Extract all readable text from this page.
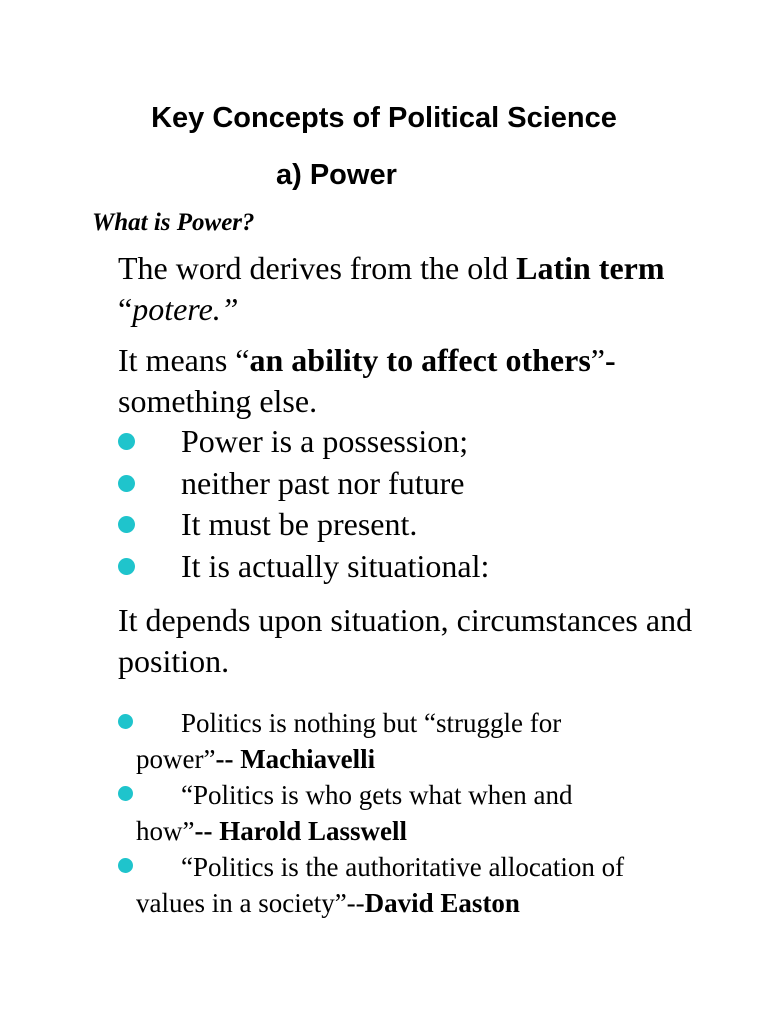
Key Concepts of Political Science
a) Power
What is Power?
The word derives from the old Latin term “potere.”
It means “an ability to affect others”- something else.
Power is a possession;
neither past nor future
It must be present.
It is actually situational:
It depends upon situation, circumstances and position.
Politics is nothing but “struggle for
power”-- Machiavelli
“Politics is who gets what when and
how”-- Harold Lasswell
“Politics is the authoritative allocation of
values in a society”--David Easton
